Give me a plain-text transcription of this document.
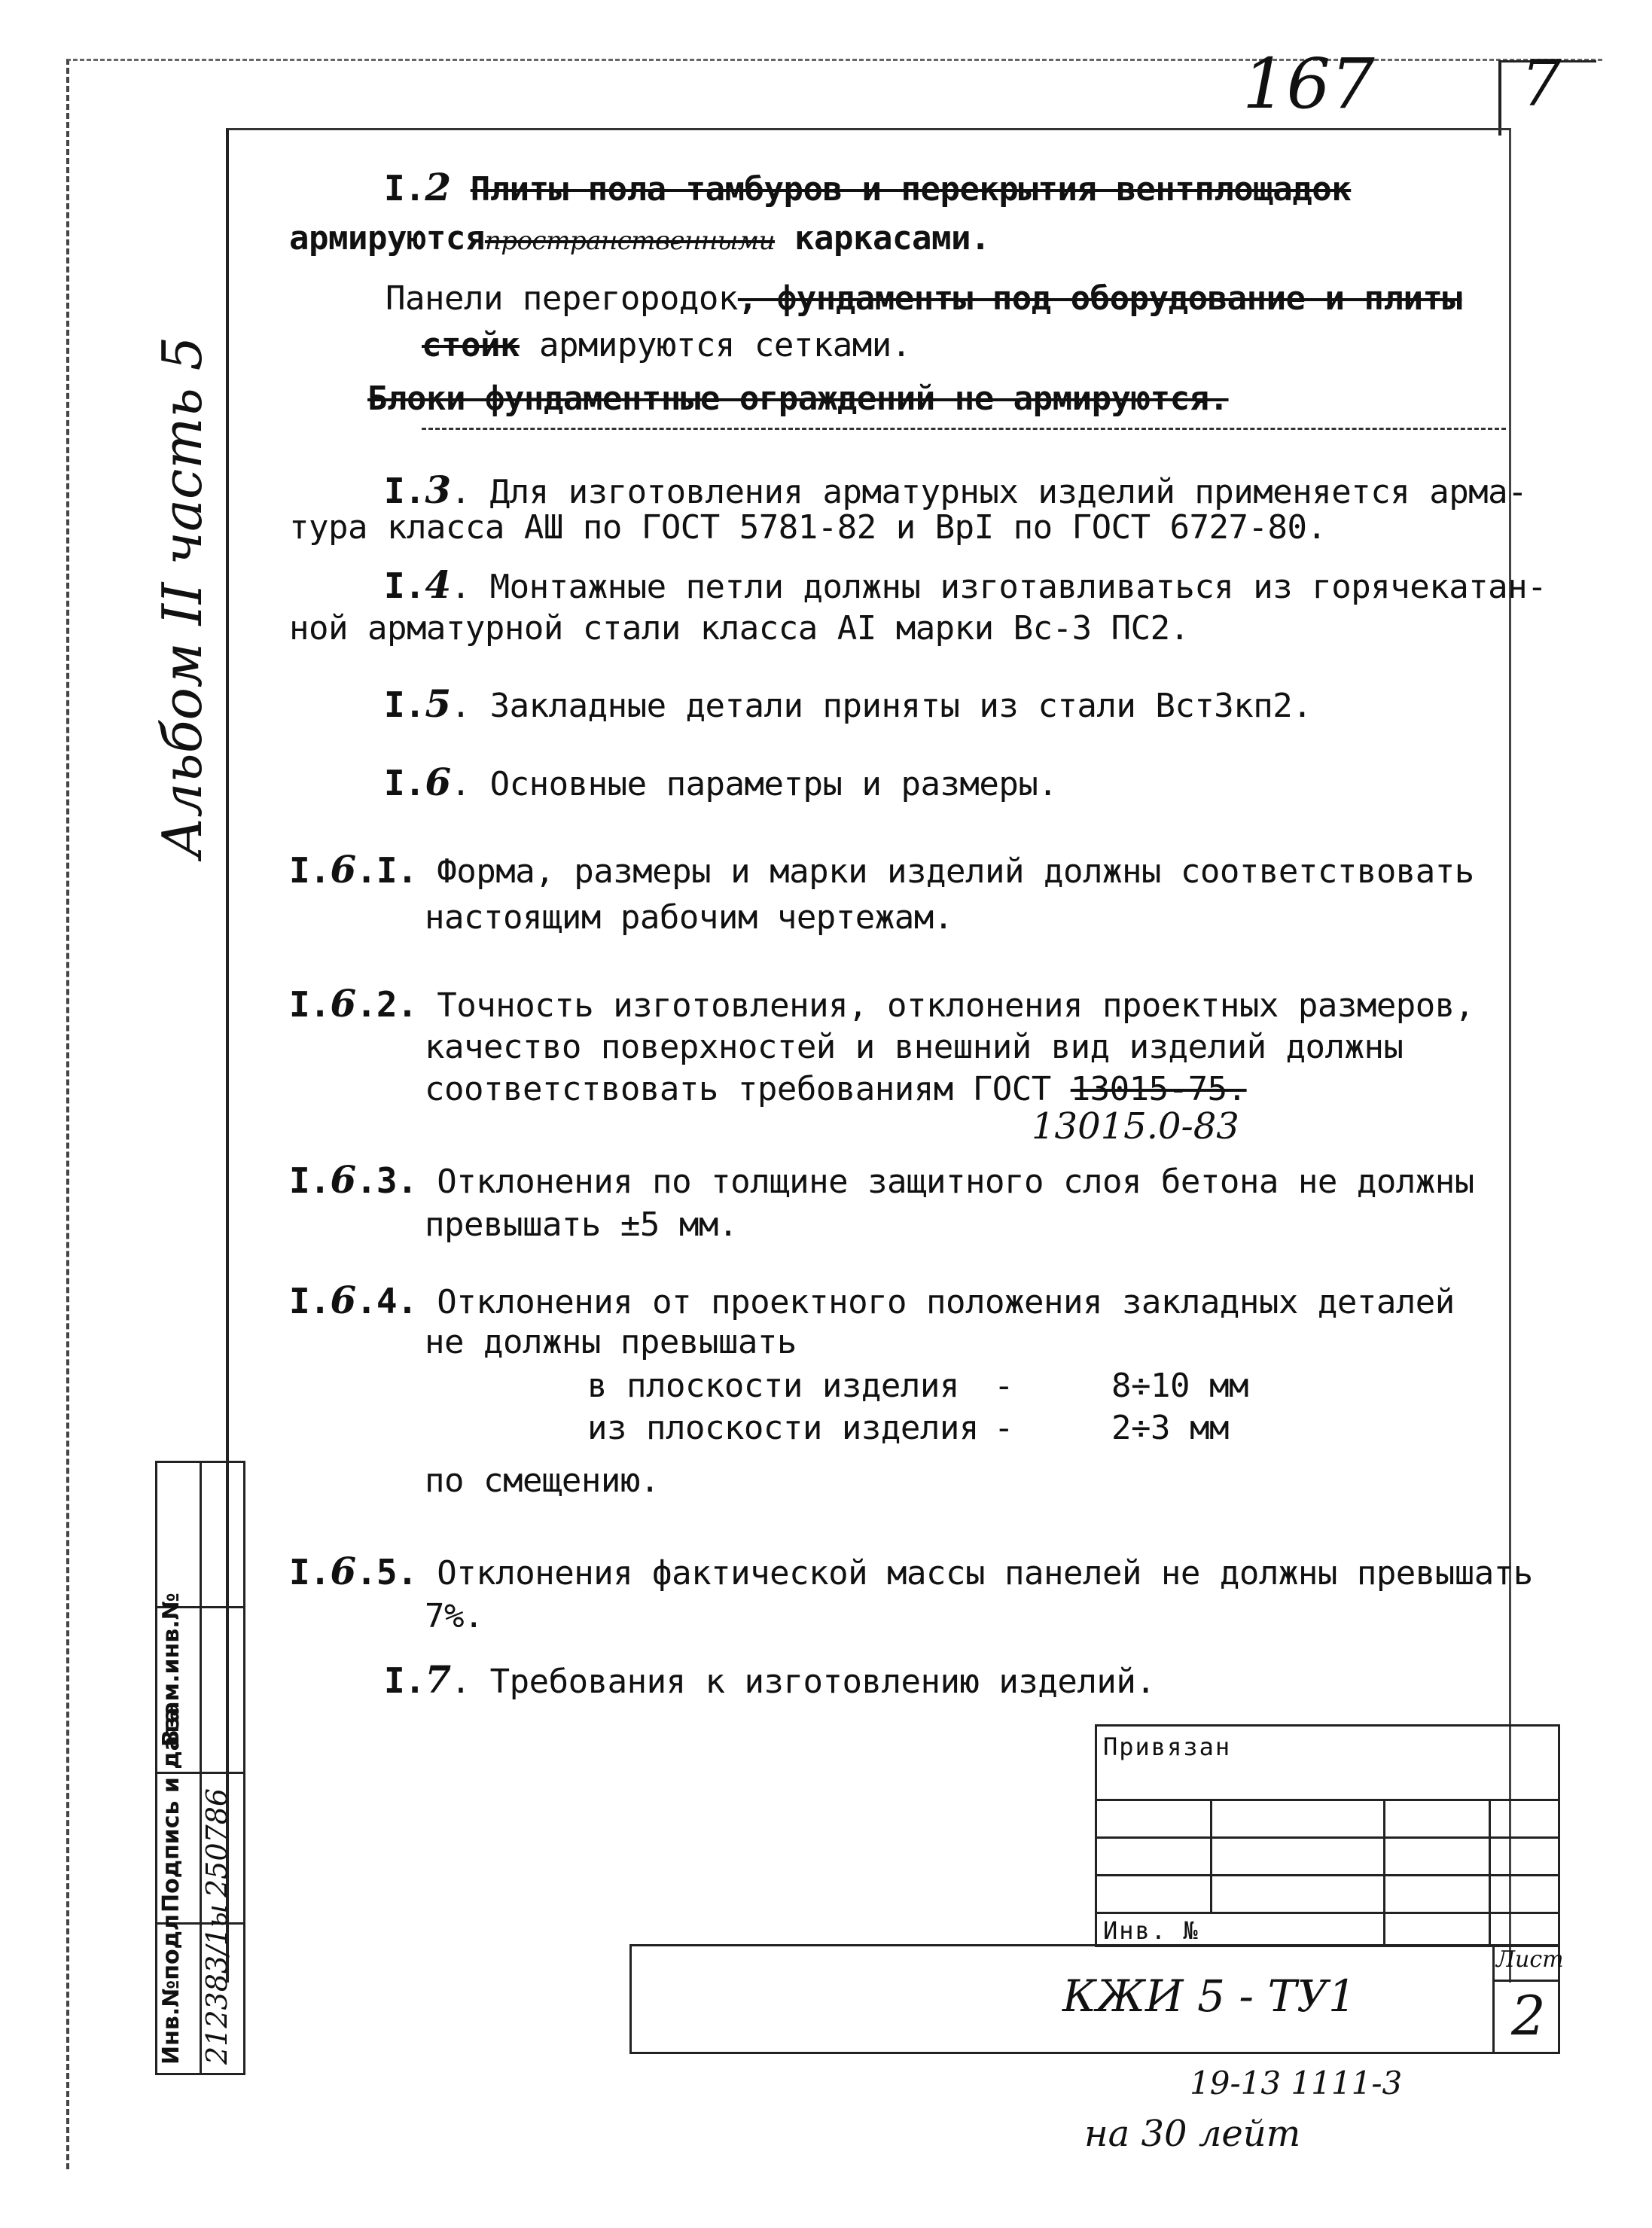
167 7
Альбом II часть 5
I.2 Плиты пола тамбуров и перекрытия вентплощадок
армируютсяпространственными каркасами.
Панели перегородок, фундаменты под оборудование и плиты
стойк армируются сетками.
Блоки фундаментные ограждений не армируются.
I.3. Для изготовления арматурных изделий применяется арма-
тура класса АШ по ГОСТ 5781-82 и ВрI по ГОСТ 6727-80.
I.4. Монтажные петли должны изготавливаться из горячекатан-
ной арматурной стали класса AI марки Вс-3 ПС2.
I.5. Закладные детали приняты из стали ВстЗкп2.
I.6. Основные параметры и размеры.
I.6.I. Форма, размеры и марки изделий должны соответствовать
настоящим рабочим чертежам.
I.6.2. Точность изготовления, отклонения проектных размеров,
качество поверхностей и внешний вид изделий должны
соответствовать требованиям ГОСТ 13015-75.
13015.0-83
I.6.3. Отклонения по толщине защитного слоя бетона не должны
превышать ±5 мм.
I.6.4. Отклонения от проектного положения закладных деталей
не должны превышать
в плоскости изделия -	8÷10 мм
из плоскости изделия -	2÷3 мм
по смещению.
I.6.5. Отклонения фактической массы панелей не должны превышать
7%.
I.7. Требования к изготовлению изделий.
Привязан
Инв. №
КЖИ 5 - ТУ1
Лист
2
Инв.№подл 212383/1ы
Подпись и дата 250786
Взам.инв.№
19-13 1111-3
на 30 лейт
